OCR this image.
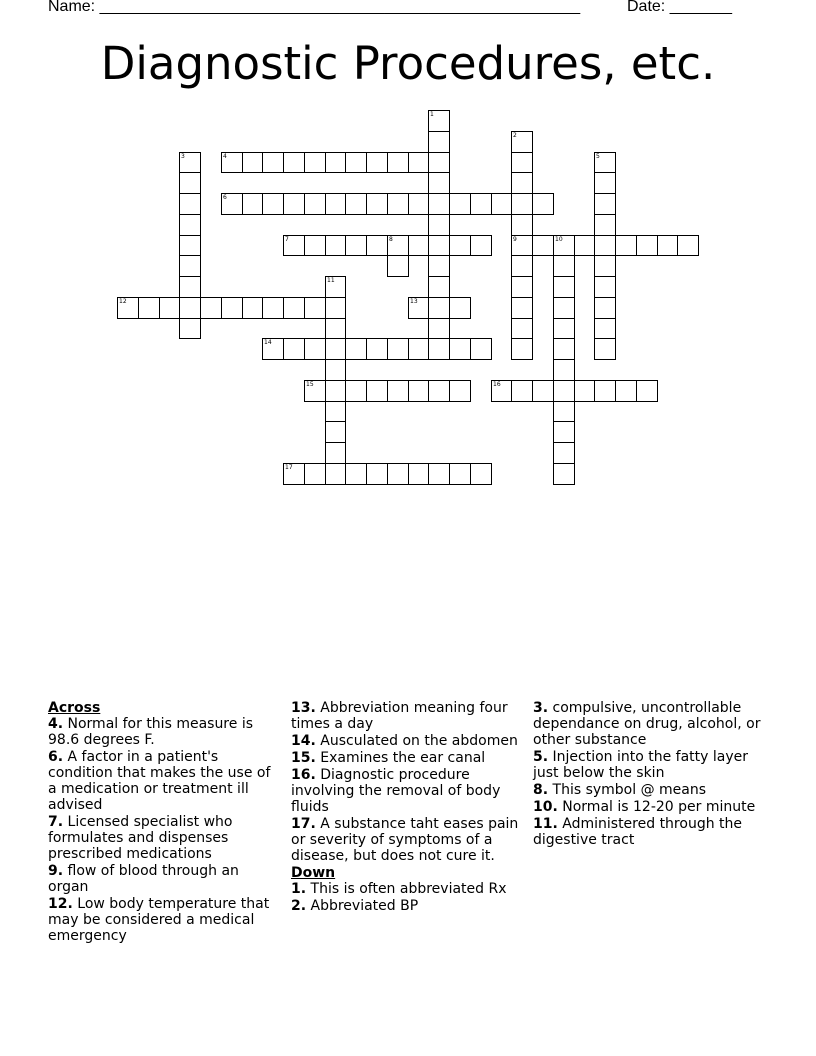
Name: ______________________________________________________	Date: _______
Diagnostic Procedures, etc.
1
2
9
3	4	5
6
7	8	10
11
12	13
14
15	16
17
Across
4. Normal for this measure is 98.6 degrees F.
6. A factor in a patient's condition that makes the use of a medication or treatment ill advised
7. Licensed specialist who formulates and dispenses prescribed medications
9. flow of blood through an organ
12. Low body temperature that may be considered a medical emergency
13. Abbreviation meaning four times a day
14. Ausculated on the abdomen
15. Examines the ear canal
16. Diagnostic procedure involving the removal of body fluids
17. A substance taht eases pain or severity of symptoms of a disease, but does not cure it.
Down
1. This is often abbreviated Rx
2. Abbreviated BP
3. compulsive, uncontrollable dependance on drug, alcohol, or other substance
5. Injection into the fatty layer just below the skin
8. This symbol @ means
10. Normal is 12-20 per minute
11. Administered through the digestive tract
